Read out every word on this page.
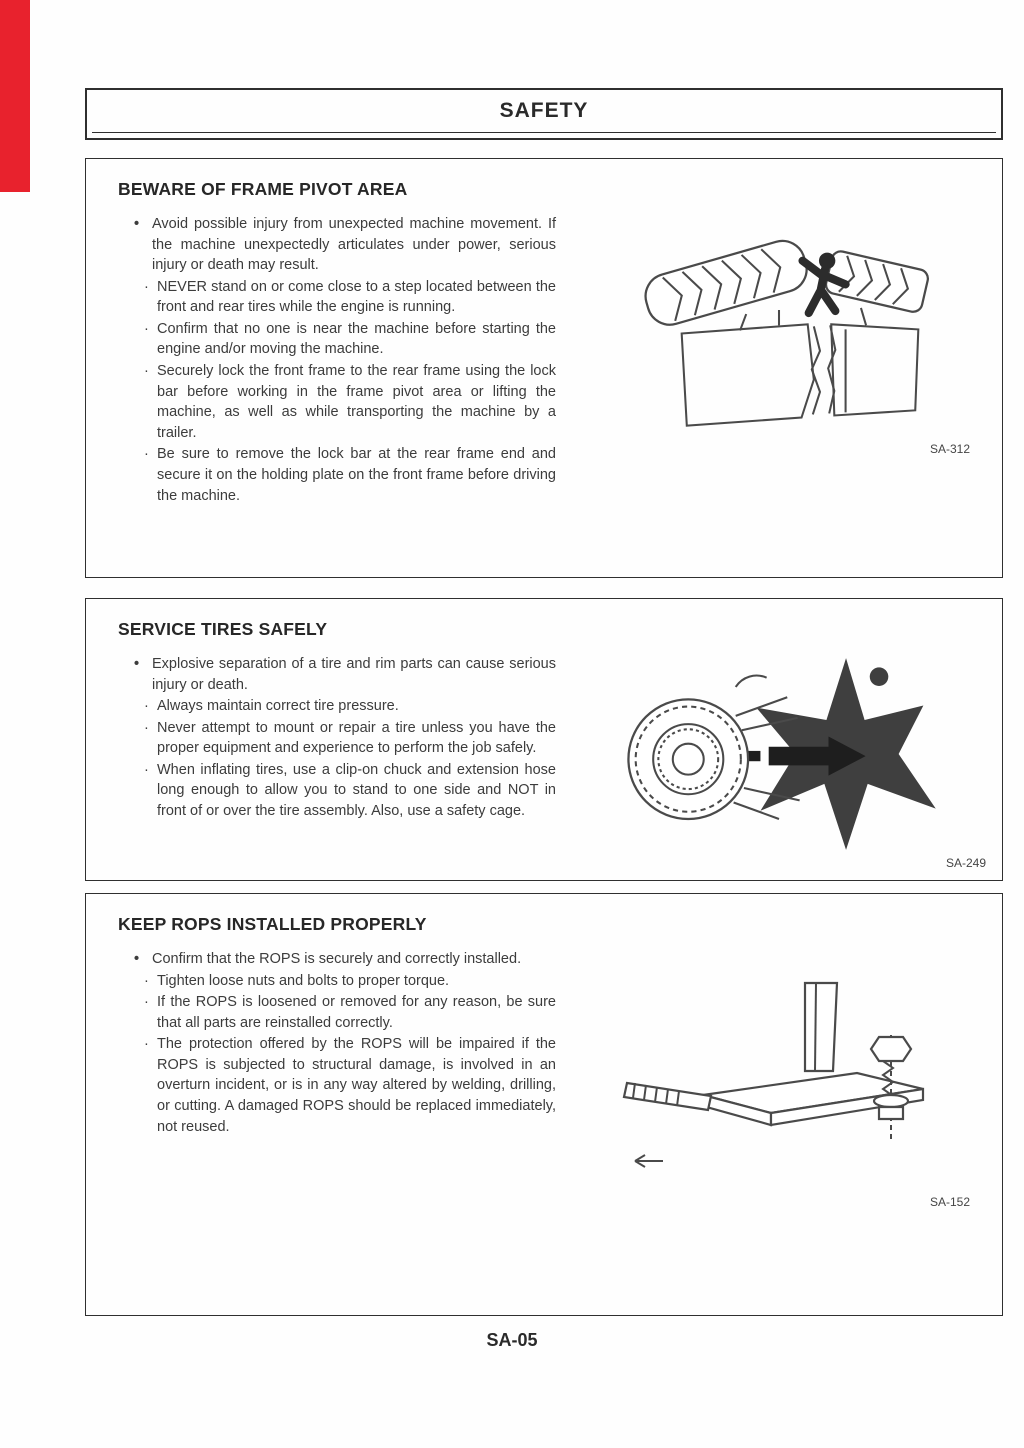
SAFETY
BEWARE OF FRAME PIVOT AREA
• Avoid possible injury from unexpected machine movement. If the machine unexpectedly articulates under power, serious injury or death may result.
· NEVER stand on or come close to a step located between the front and rear tires while the engine is running.
· Confirm that no one is near the machine before starting the engine and/or moving the machine.
· Securely lock the front frame to the rear frame using the lock bar before working in the frame pivot area or lifting the machine, as well as while transporting the machine by a trailer.
· Be sure to remove the lock bar at the rear frame end and secure it on the holding plate on the front frame before driving the machine.
SA-312
SERVICE TIRES SAFELY
• Explosive separation of a tire and rim parts can cause serious injury or death.
· Always maintain correct tire pressure.
· Never attempt to mount or repair a tire unless you have the proper equipment and experience to perform the job safely.
· When inflating tires, use a clip-on chuck and extension hose long enough to allow you to stand to one side and NOT in front of or over the tire assembly. Also, use a safety cage.
SA-249
KEEP ROPS INSTALLED PROPERLY
• Confirm that the ROPS is securely and correctly installed.
· Tighten loose nuts and bolts to proper torque.
· If the ROPS is loosened or removed for any reason, be sure that all parts are reinstalled correctly.
· The protection offered by the ROPS will be impaired if the ROPS is subjected to structural damage, is involved in an overturn incident, or is in any way altered by welding, drilling, or cutting. A damaged ROPS should be replaced immediately, not reused.
SA-152
SA-05
